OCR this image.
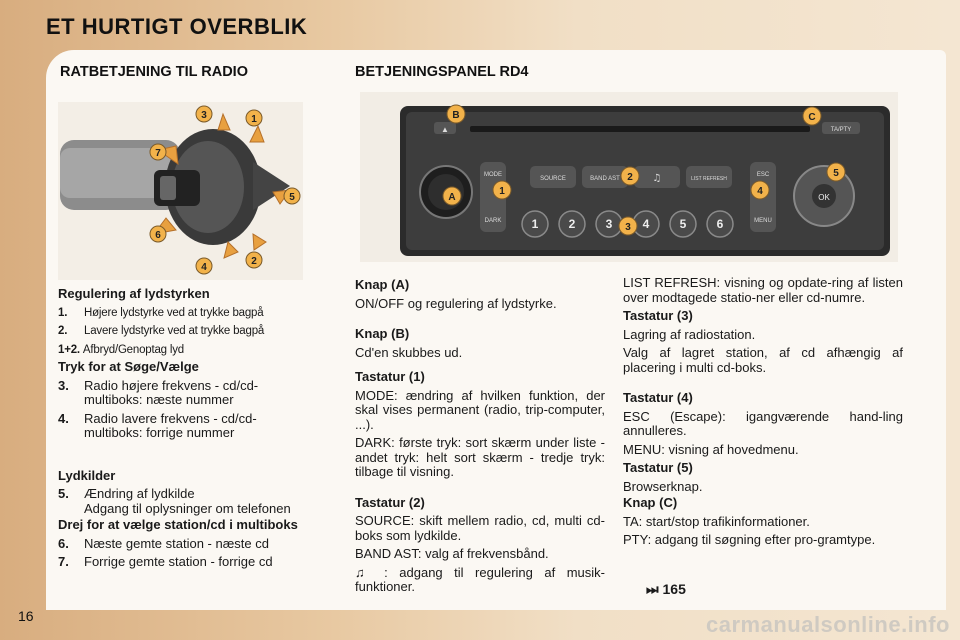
ET HURTIGT OVERBLIK
RATBETJENING TIL RADIO	BETJENINGSPANEL RD4
3	1
7
5
6
4
2
▲	TA/PTY
MODE
DARK
SOURCE	BAND AST	♫	LIST REFRESH
1	2	3	4	5	6
ESC
MENU
OK
B	C
A
1
2
3
4
5
Regulering af lydstyrken
1.	Højere lydstyrke ved at trykke bagpå
2.	Lavere lydstyrke ved at trykke bagpå
1+2. Afbryd/Genoptag lyd
Tryk for at Søge/Vælge
3.	Radio højere frekvens - cd/cd-multiboks: næste nummer
4.	Radio lavere frekvens - cd/cd-multiboks: forrige nummer
Lydkilder
5.	Ændring af lydkilde
Adgang til oplysninger om telefonen
Drej for at vælge station/cd i multiboks
6.	Næste gemte station - næste cd
7.	Forrige gemte station - forrige cd
Knap (A)
ON/OFF og regulering af lydstyrke.
Knap (B)
Cd'en skubbes ud.
Tastatur (1)
MODE: ændring af hvilken funktion, der skal vises permanent (radio, trip-computer, ...).
DARK: første tryk: sort skærm under liste - andet tryk: helt sort skærm - tredje tryk: tilbage til visning.
Tastatur (2)
SOURCE: skift mellem radio, cd, multi cd-boks som lydkilde.
BAND AST: valg af frekvensbånd.
♫ : adgang til regulering af musik-funktioner.
LIST REFRESH: visning og opdate-ring af listen over modtagede statio-ner eller cd-numre.
Tastatur (3)
Lagring af radiostation.
Valg af lagret station, af cd afhængig af placering i multi cd-boks.
Tastatur (4)
ESC (Escape): igangværende hand-ling annulleres.
MENU: visning af hovedmenu.
Tastatur (5)
Browserknap.
Knap (C)
TA: start/stop trafikinformationer.
PTY: adgang til søgning efter pro-gramtype.
⏭ 165
16	carmanualsonline.info
